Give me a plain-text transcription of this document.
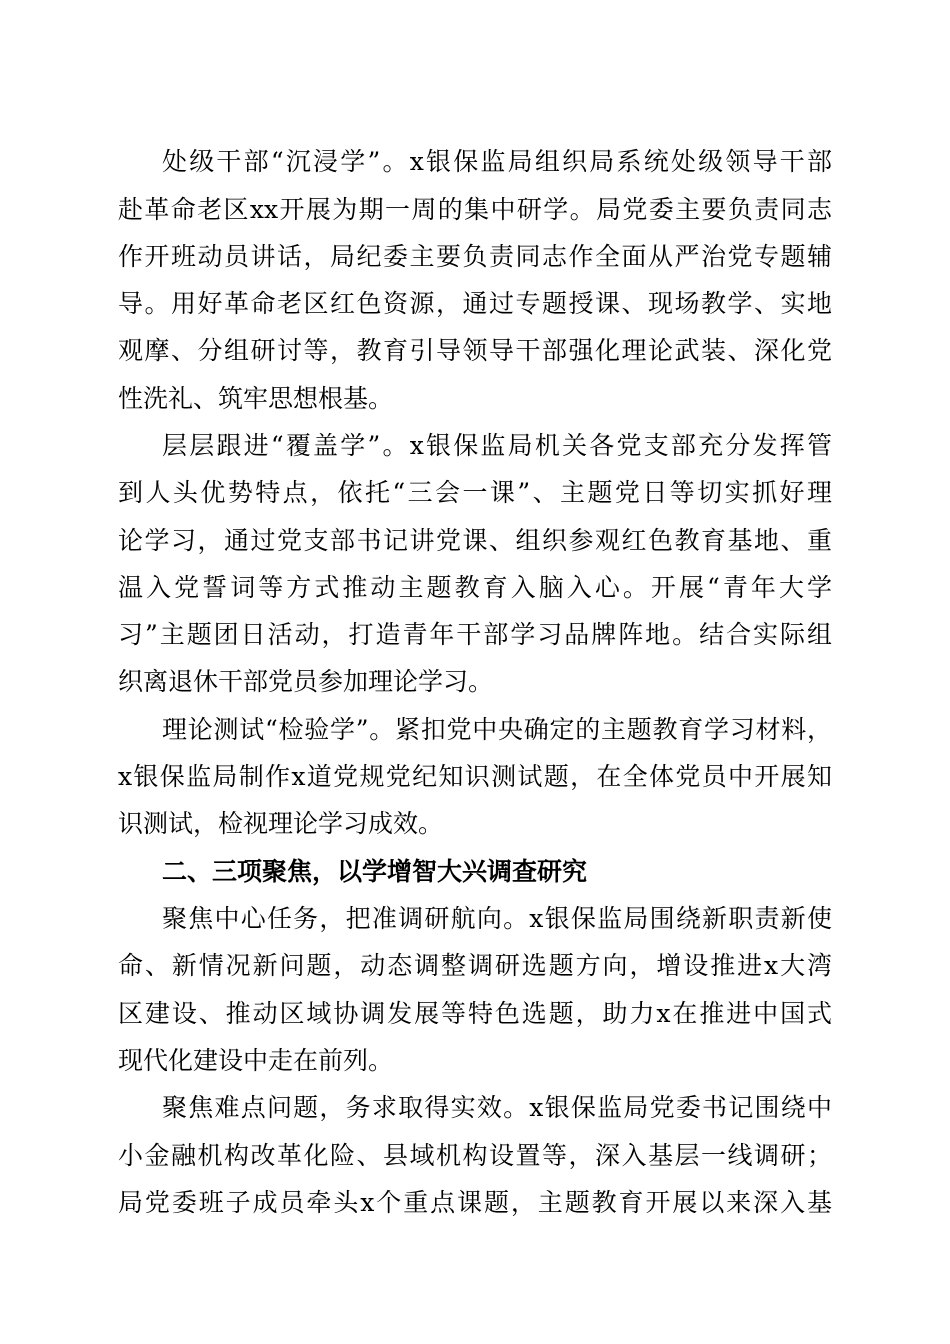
处级干部“沉浸学”。x银保监局组织局系统处级领导干部
赴革命老区xx开展为期一周的集中研学。局党委主要负责同志
作开班动员讲话，局纪委主要负责同志作全面从严治党专题辅
导。用好革命老区红色资源，通过专题授课、现场教学、实地
观摩、分组研讨等，教育引导领导干部强化理论武装、深化党
性洗礼、筑牢思想根基。
层层跟进“覆盖学”。x银保监局机关各党支部充分发挥管
到人头优势特点，依托“三会一课”、主题党日等切实抓好理
论学习，通过党支部书记讲党课、组织参观红色教育基地、重
温入党誓词等方式推动主题教育入脑入心。开展“青年大学
习”主题团日活动，打造青年干部学习品牌阵地。结合实际组
织离退休干部党员参加理论学习。
理论测试“检验学”。紧扣党中央确定的主题教育学习材料，
x银保监局制作x道党规党纪知识测试题，在全体党员中开展知
识测试，检视理论学习成效。
二、三项聚焦，以学增智大兴调查研究
聚焦中心任务，把准调研航向。x银保监局围绕新职责新使
命、新情况新问题，动态调整调研选题方向，增设推进x大湾
区建设、推动区域协调发展等特色选题，助力x在推进中国式
现代化建设中走在前列。
聚焦难点问题，务求取得实效。x银保监局党委书记围绕中
小金融机构改革化险、县域机构设置等，深入基层一线调研；
局党委班子成员牵头x个重点课题，主题教育开展以来深入基
